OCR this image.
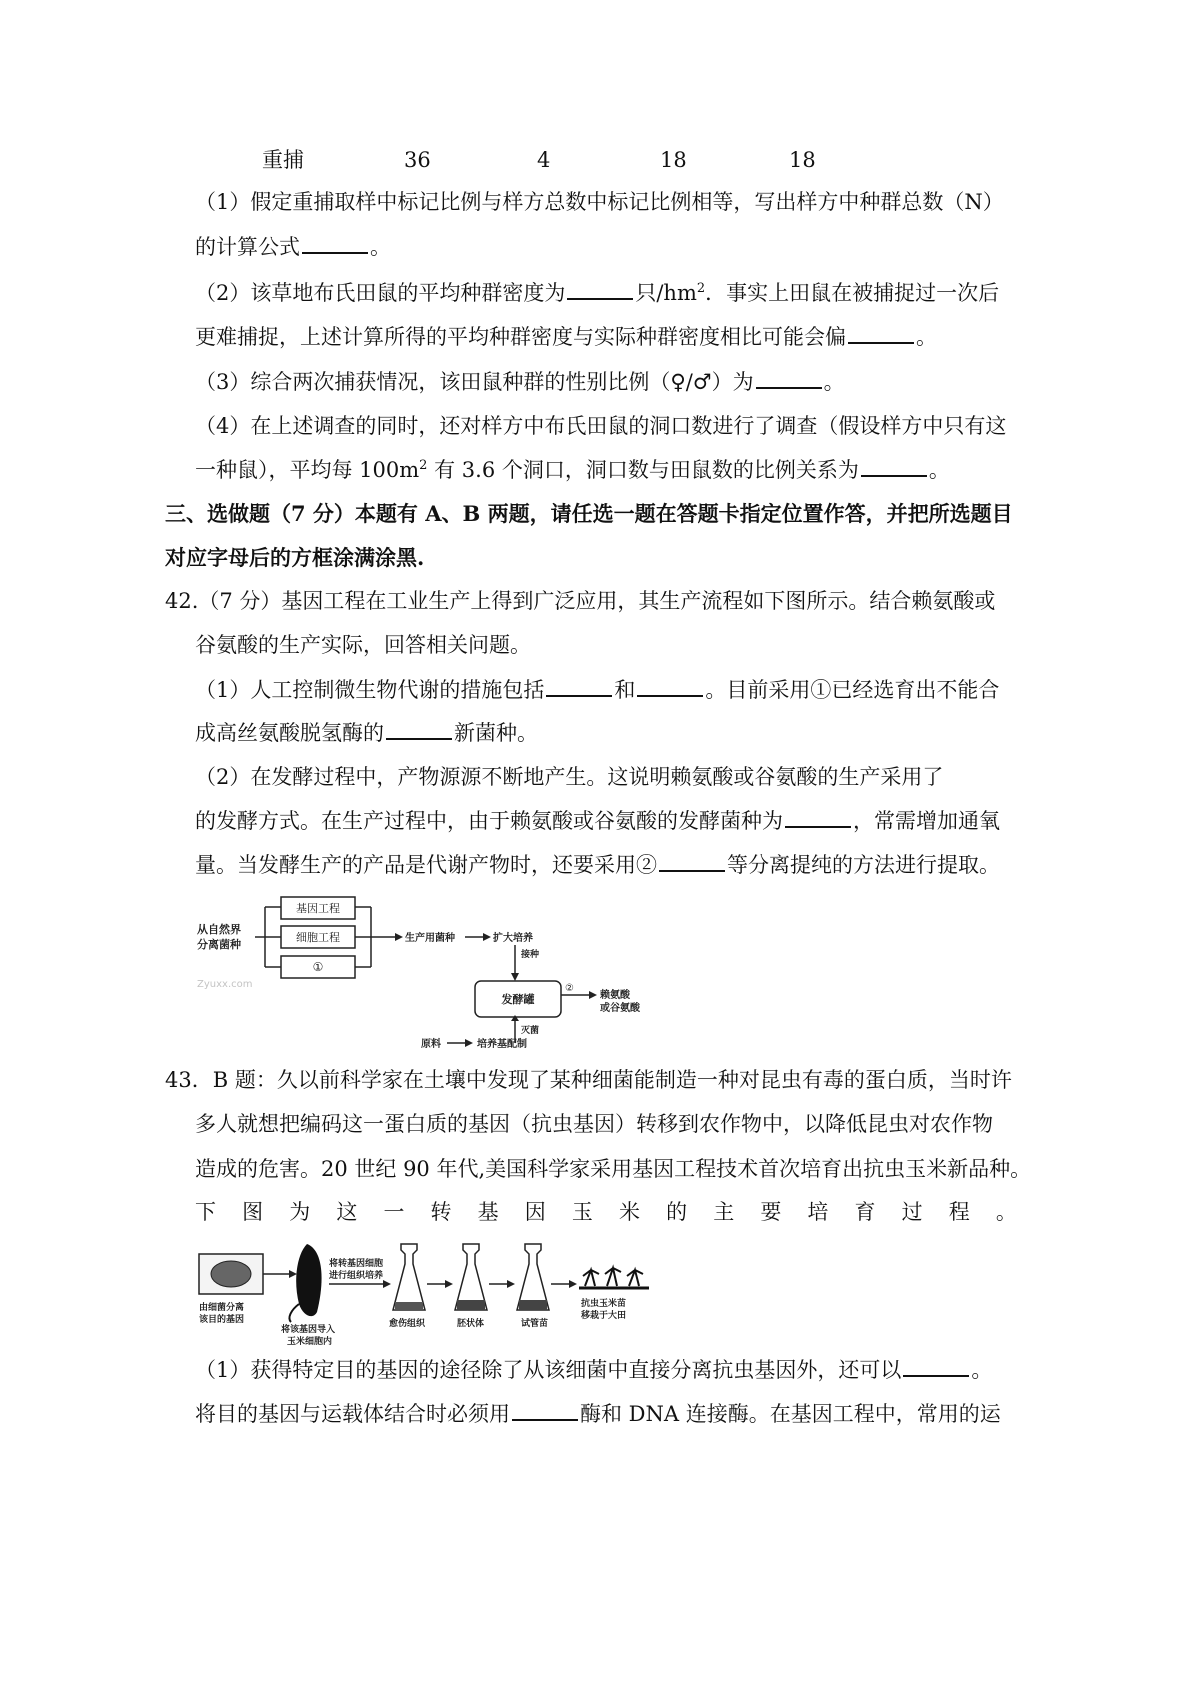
重捕	36	4	18	18
（1）假定重捕取样中标记比例与样方总数中标记比例相等，写出样方中种群总数（N）
的计算公式	。
（2）该草地布氏田鼠的平均种群密度为	只$/hm^2$．事实上田鼠在被捕捉过一次后
更难捕捉，上述计算所得的平均种群密度与实际种群密度相比可能会偏	。
（3）综合两次捕获情况，该田鼠种群的性别比例（♀/♂）为	。
（4）在上述调查的同时，还对样方中布氏田鼠的洞口数进行了调查（假设样方中只有这
一种鼠），平均每 $100m^2$ 有 3.6 个洞口，洞口数与田鼠数的比例关系为	。
三、选做题（7 分）本题有 A、B 两题，请任选一题在答题卡指定位置作答，并把所选题目
对应字母后的方框涂满涂黑.
42.（7 分）基因工程在工业生产上得到广泛应用，其生产流程如下图所示。结合赖氨酸或
谷氨酸的生产实际，回答相关问题。
（1）人工控制微生物代谢的措施包括	和	。目前采用①已经选育出不能合
成高丝氨酸脱氢酶的	新菌种。
（2）在发酵过程中，产物源源不断地产生。这说明赖氨酸或谷氨酸的生产采用了
的发酵方式。在生产过程中，由于赖氨酸或谷氨酸的发酵菌种为	，常需增加通氧
量。当发酵生产的产品是代谢产物时，还要采用②	等分离提纯的方法进行提取。
从自然界
分离菌种
基因工程
细胞工程
①
生产用菌种	扩大培养
接种
发酵罐
②
赖氨酸
或谷氨酸
灭菌
原料	培养基配制
Zyuxx.com
43．B 题：久以前科学家在土壤中发现了某种细菌能制造一种对昆虫有毒的蛋白质，当时许
多人就想把编码这一蛋白质的基因（抗虫基因）转移到农作物中，以降低昆虫对农作物
造成的危害。20 世纪 90 年代,美国科学家采用基因工程技术首次培育出抗虫玉米新品种。
下 图 为 这 一 转 基 因 玉 米 的 主 要 培 育 过 程 。
由细菌分离
该目的基因
将该基因导入
玉米细胞内
将转基因细胞
进行组织培养
愈伤组织	胚状体	试管苗
抗虫玉米苗
移栽于大田
（1）获得特定目的基因的途径除了从该细菌中直接分离抗虫基因外，还可以	。
将目的基因与运载体结合时必须用	酶和 DNA 连接酶。在基因工程中，常用的运
